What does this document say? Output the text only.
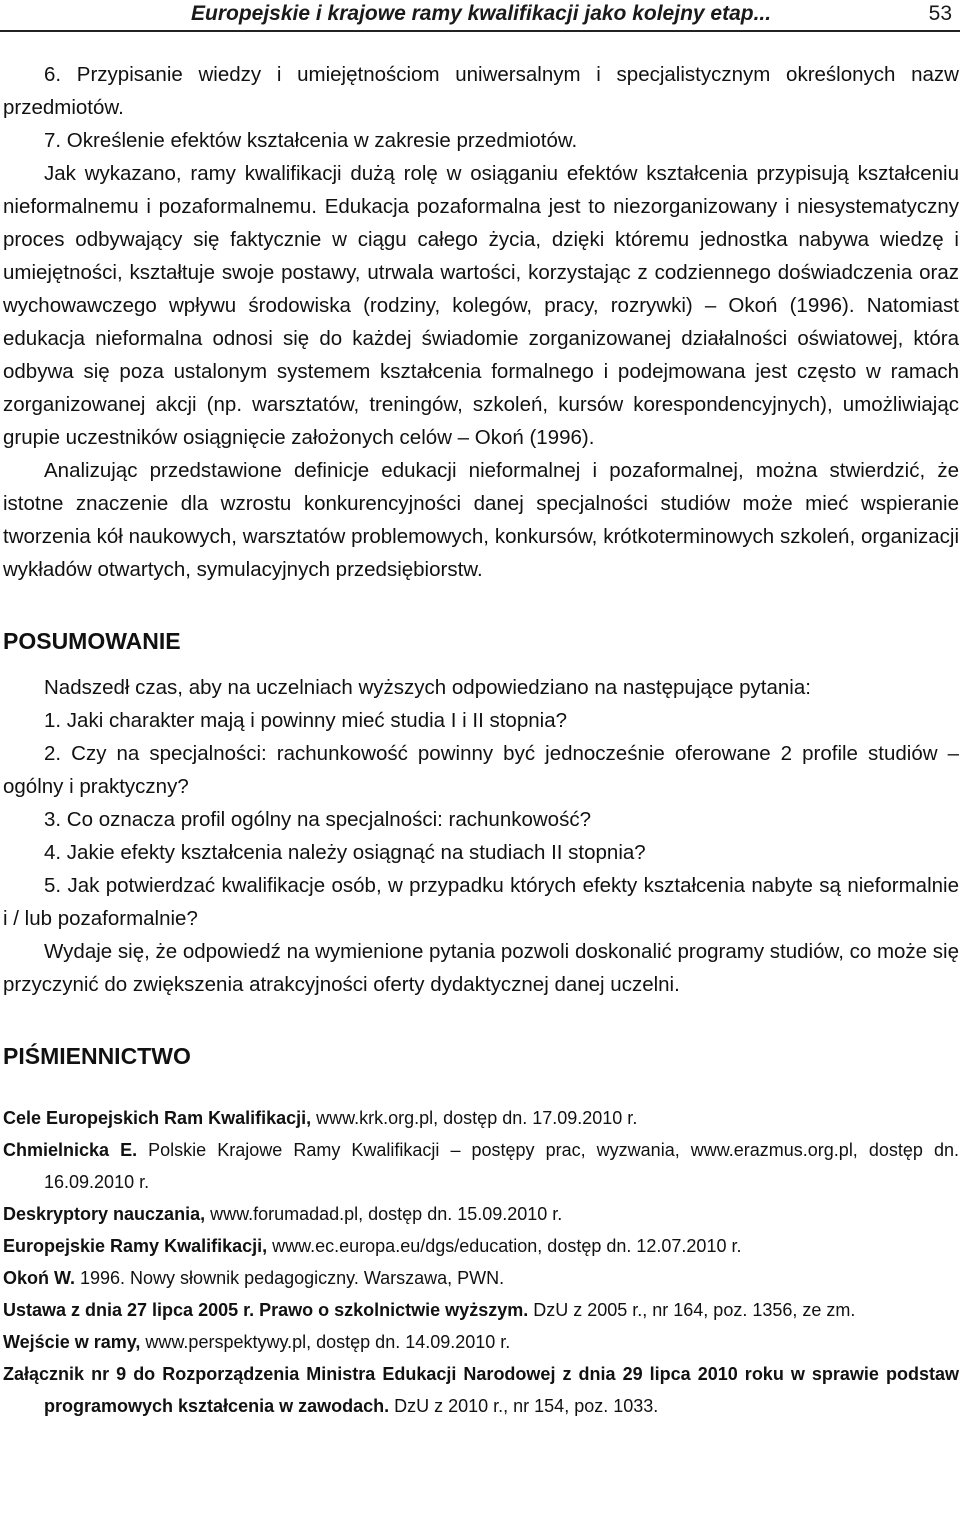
Europejskie i krajowe ramy kwalifikacji jako kolejny etap...	53

6. Przypisanie wiedzy i umiejętnościom uniwersalnym i specjalistycznym określonych nazw przedmiotów.

7. Określenie efektów kształcenia w zakresie przedmiotów.

Jak wykazano, ramy kwalifikacji dużą rolę w osiąganiu efektów kształcenia przypisują kształceniu nieformalnemu i pozaformalnemu. Edukacja pozaformalna jest to niezorganizowany i niesystematyczny proces odbywający się faktycznie w ciągu całego życia, dzięki któremu jednostka nabywa wiedzę i umiejętności, kształtuje swoje postawy, utrwala wartości, korzystając z codziennego doświadczenia oraz wychowawczego wpływu środowiska (rodziny, kolegów, pracy, rozrywki) – Okoń (1996). Natomiast edukacja nieformalna odnosi się do każdej świadomie zorganizowanej działalności oświatowej, która odbywa się poza ustalonym systemem kształcenia formalnego i podejmowana jest często w ramach zorganizowanej akcji (np. warsztatów, treningów, szkoleń, kursów korespondencyjnych), umożliwiając grupie uczestników osiągnięcie założonych celów – Okoń (1996).

Analizując przedstawione definicje edukacji nieformalnej i pozaformalnej, można stwierdzić, że istotne znaczenie dla wzrostu konkurencyjności danej specjalności studiów może mieć wspieranie tworzenia kół naukowych, warsztatów problemowych, konkursów, krótkoterminowych szkoleń, organizacji wykładów otwartych, symulacyjnych przedsiębiorstw.

POSUMOWANIE

Nadszedł czas, aby na uczelniach wyższych odpowiedziano na następujące pytania:

1. Jaki charakter mają i powinny mieć studia I i II stopnia?

2. Czy na specjalności: rachunkowość powinny być jednocześnie oferowane 2 profile studiów – ogólny i praktyczny?

3. Co oznacza profil ogólny na specjalności: rachunkowość?

4. Jakie efekty kształcenia należy osiągnąć na studiach II stopnia?

5. Jak potwierdzać kwalifikacje osób, w przypadku których efekty kształcenia nabyte są nieformalnie i / lub pozaformalnie?

Wydaje się, że odpowiedź na wymienione pytania pozwoli doskonalić programy studiów, co może się przyczynić do zwiększenia atrakcyjności oferty dydaktycznej danej uczelni.

PIŚMIENNICTWO

Cele Europejskich Ram Kwalifikacji, www.krk.org.pl, dostęp dn. 17.09.2010 r.

Chmielnicka E. Polskie Krajowe Ramy Kwalifikacji – postępy prac, wyzwania, www.erazmus.org.pl, dostęp dn. 16.09.2010 r.

Deskryptory nauczania, www.forumadad.pl, dostęp dn. 15.09.2010 r.

Europejskie Ramy Kwalifikacji, www.ec.europa.eu/dgs/education, dostęp dn. 12.07.2010 r.

Okoń W. 1996. Nowy słownik pedagogiczny. Warszawa, PWN.

Ustawa z dnia 27 lipca 2005 r. Prawo o szkolnictwie wyższym. DzU z 2005 r., nr 164, poz. 1356, ze zm.

Wejście w ramy, www.perspektywy.pl, dostęp dn. 14.09.2010 r.

Załącznik nr 9 do Rozporządzenia Ministra Edukacji Narodowej z dnia 29 lipca 2010 roku w sprawie podstaw programowych kształcenia w zawodach. DzU z 2010 r., nr 154, poz. 1033.
